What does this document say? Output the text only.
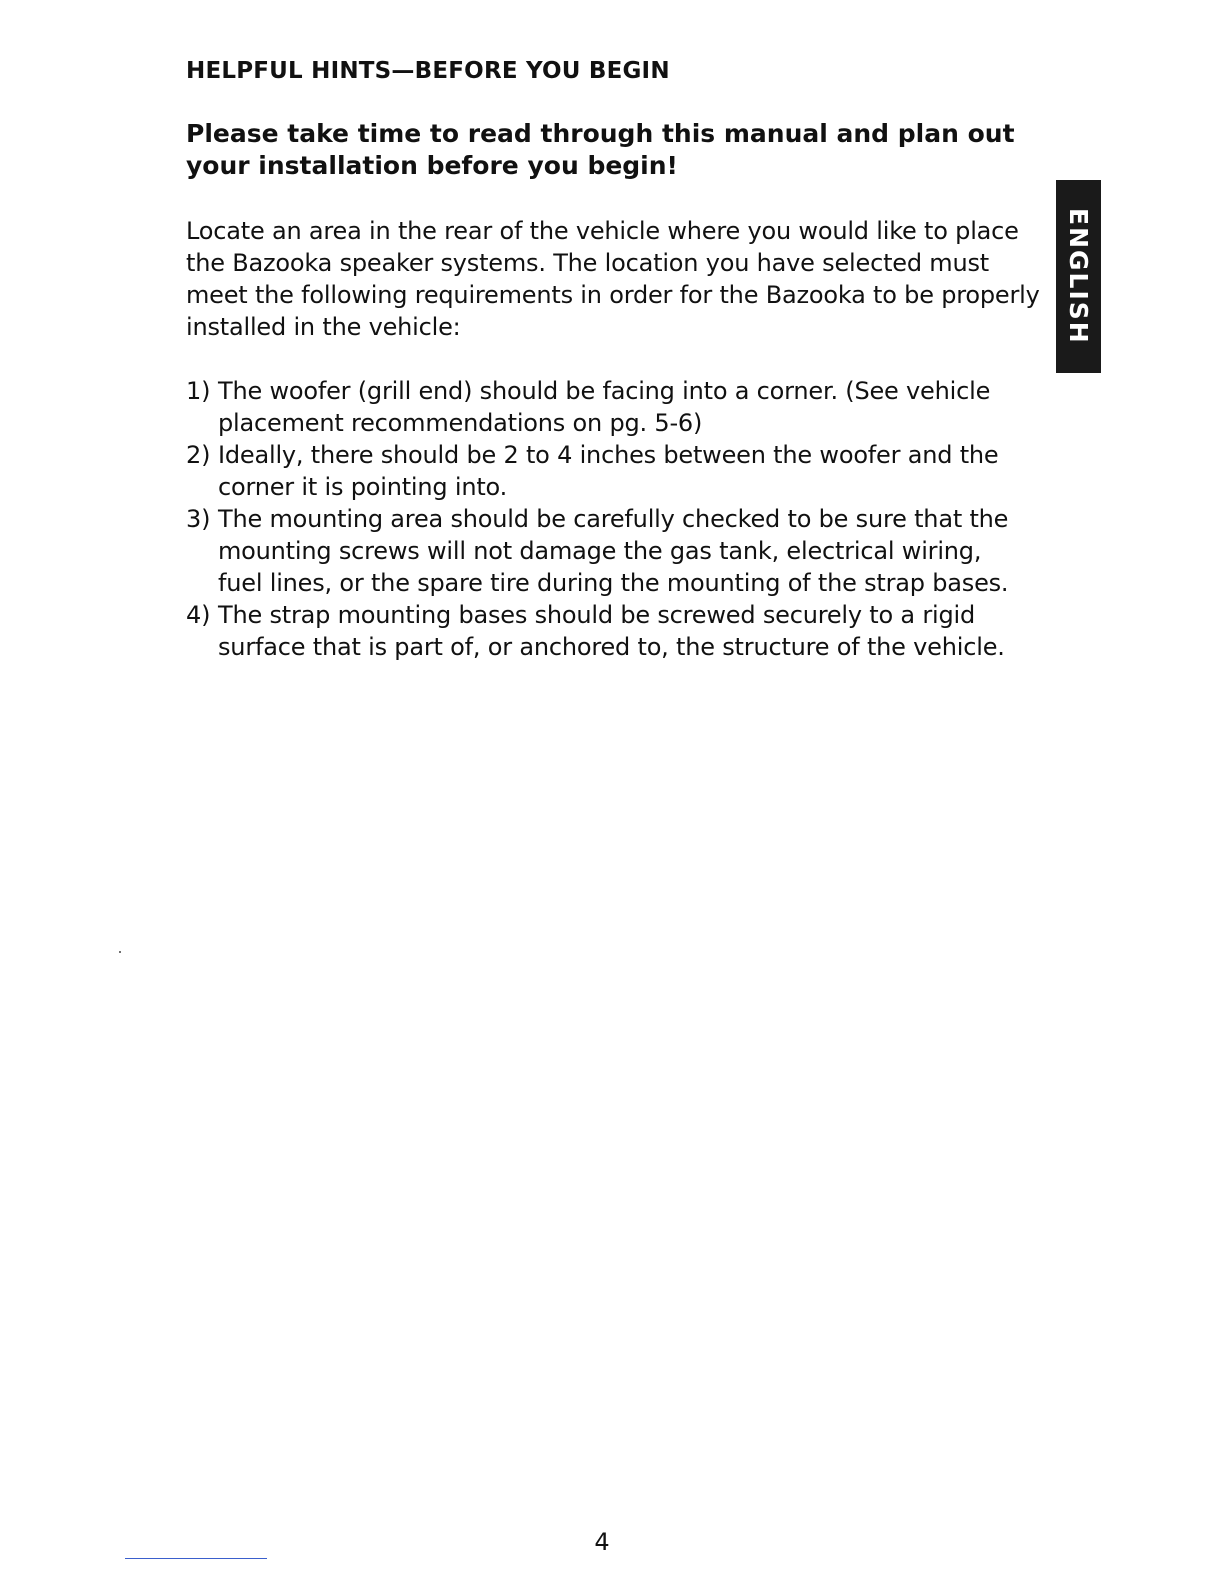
HELPFUL HINTS—BEFORE YOU BEGIN

Please take time to read through this manual and plan out your installation before you begin!

Locate an area in the rear of the vehicle where you would like to place the Bazooka speaker systems. The location you have selected must meet the following requirements in order for the Bazooka to be properly installed in the vehicle:

1) The woofer (grill end) should be facing into a corner. (See vehicle placement recommendations on pg. 5-6)
2) Ideally, there should be 2 to 4 inches between the woofer and the corner it is pointing into.
3) The mounting area should be carefully checked to be sure that the mounting screws will not damage the gas tank, electrical wiring, fuel lines, or the spare tire during the mounting of the strap bases.
4) The strap mounting bases should be screwed securely to a rigid surface that is part of, or anchored to, the structure of the vehicle.
ENGLISH
4
